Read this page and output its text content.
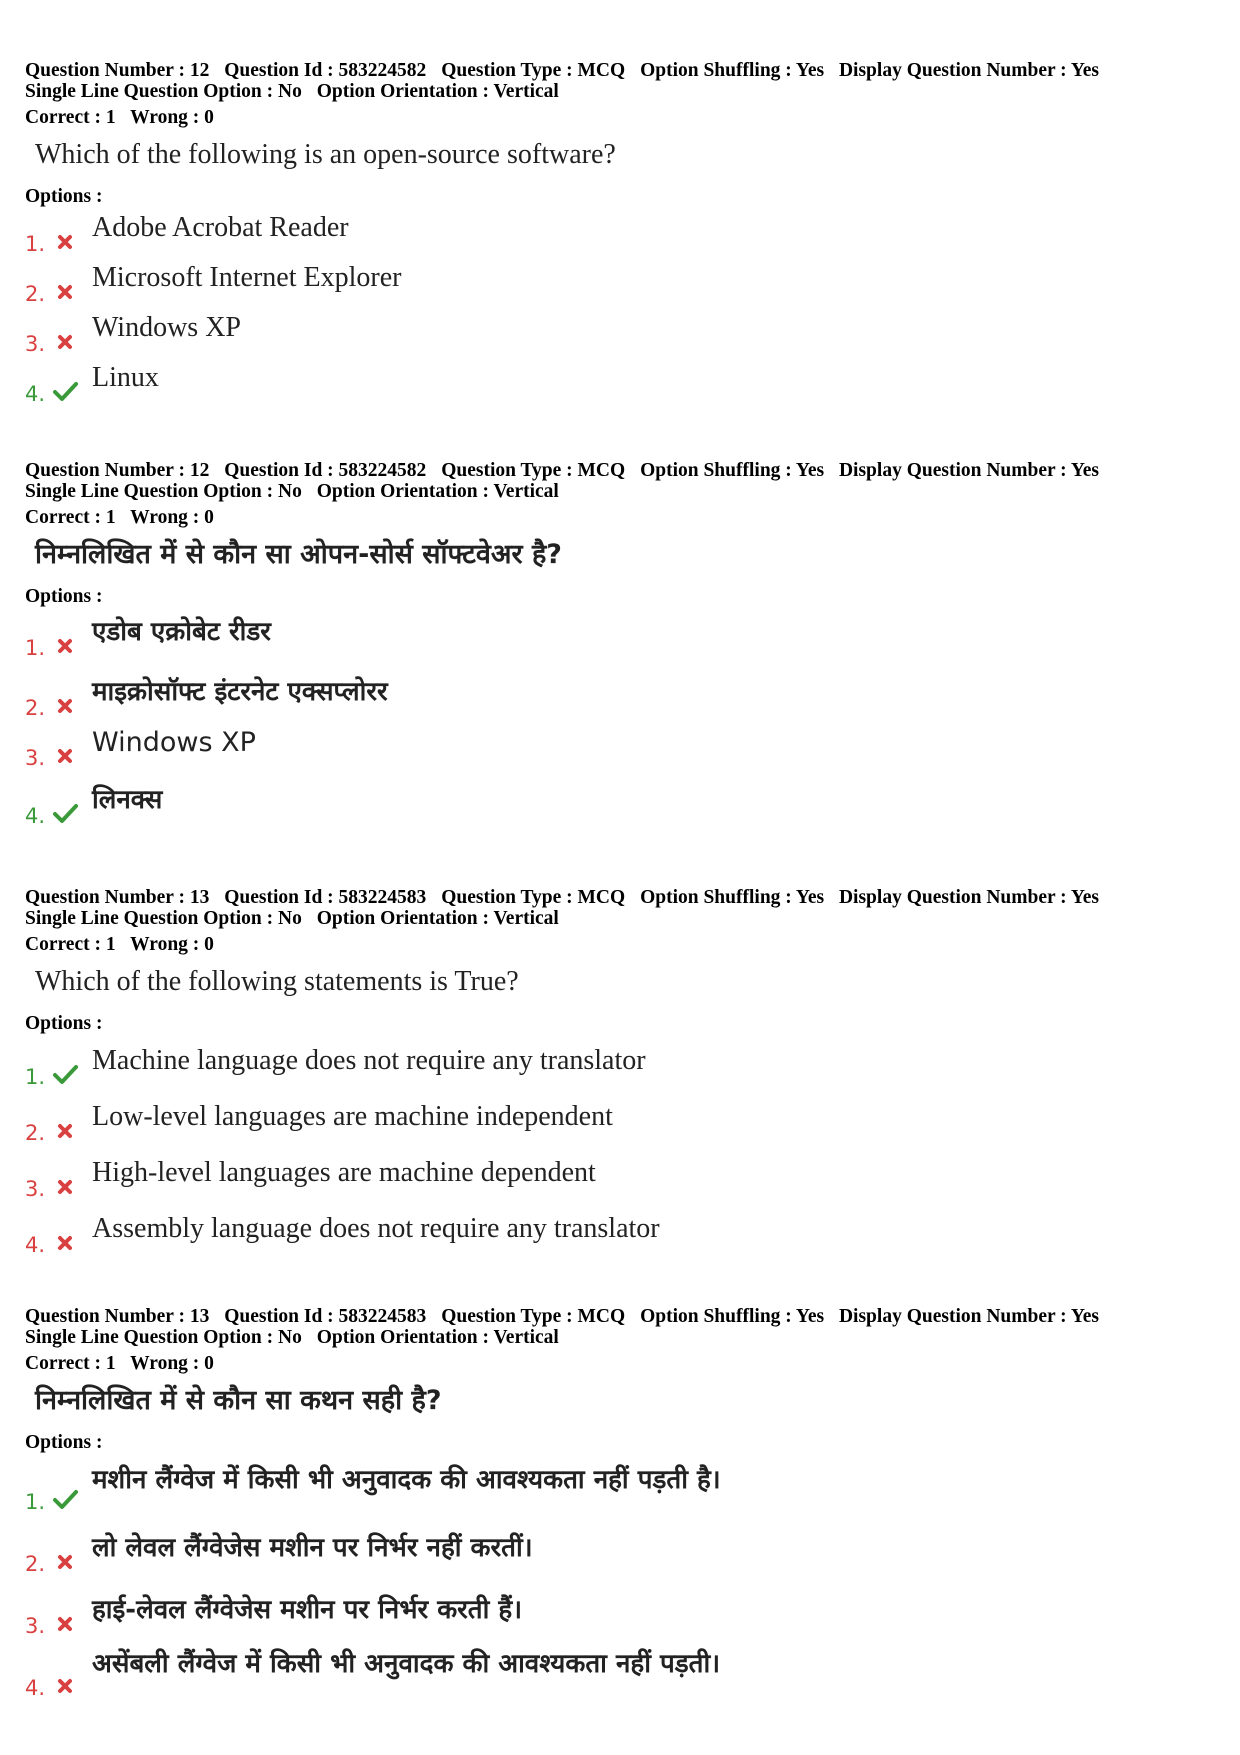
Question Number : 12 Question Id : 583224582 Question Type : MCQ Option Shuffling : Yes Display Question Number : Yes
Single Line Question Option : No Option Orientation : Vertical
Correct : 1 Wrong : 0
Which of the following is an open-source software?
Options :
1.
Adobe Acrobat Reader
2.
Microsoft Internet Explorer
3.
Windows XP
4.
Linux
Question Number : 12 Question Id : 583224582 Question Type : MCQ Option Shuffling : Yes Display Question Number : Yes
Single Line Question Option : No Option Orientation : Vertical
Correct : 1 Wrong : 0
निम्नलिखित में से कौन सा ओपन-सोर्स सॉफ्टवेअर है?
Options :
1.
एडोब एक्रोबेट रीडर
2.
माइक्रोसॉफ्ट इंटरनेट एक्सप्लोरर
3. Windows XP
4.
लिनक्स
Question Number : 13 Question Id : 583224583 Question Type : MCQ Option Shuffling : Yes Display Question Number : Yes
Single Line Question Option : No Option Orientation : Vertical
Correct : 1 Wrong : 0
Which of the following statements is True?
Options :
1.
Machine language does not require any translator
2.
Low-level languages are machine independent
3.
High-level languages are machine dependent
4.
Assembly language does not require any translator
Question Number : 13 Question Id : 583224583 Question Type : MCQ Option Shuffling : Yes Display Question Number : Yes
Single Line Question Option : No Option Orientation : Vertical
Correct : 1 Wrong : 0
निम्नलिखित में से कौन सा कथन सही है?
Options :
1.
मशीन लैंग्वेज में किसी भी अनुवादक की आवश्यकता नहीं पड़ती है।
2.
लो लेवल लैंग्वेजेस मशीन पर निर्भर नहीं करतीं।
3.
हाई-लेवल लैंग्वेजेस मशीन पर निर्भर करती हैं।
4.
असेंबली लैंग्वेज में किसी भी अनुवादक की आवश्यकता नहीं पड़ती।
